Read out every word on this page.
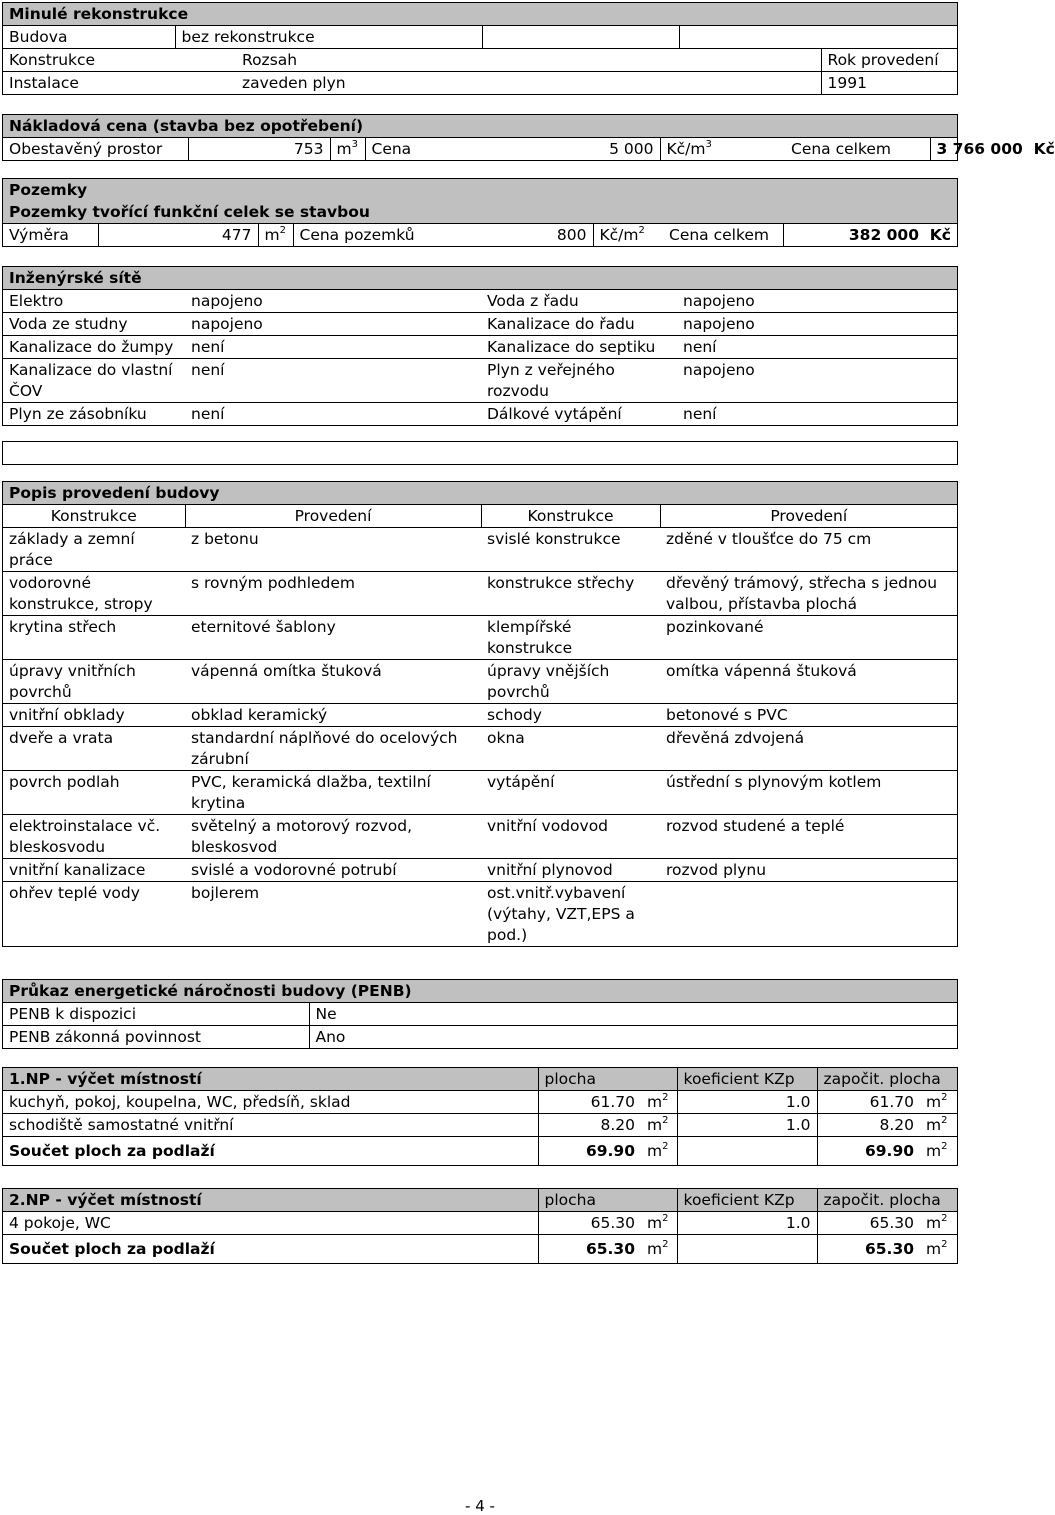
Minulé rekonstrukce					
Budova	bez rekonstrukce				
Konstrukce		Rozsah			Rok provedení
Instalace		zaveden plyn			1991
Nákladová cena (stavba bez opotřebení)
Obestavěný prostor	753	$m^3$	Cena	5 000	$Kč/m^3$	Cena celkem	3 766 000 Kč
Pozemky
Pozemky tvořící funkční celek se stavbou
Výměra	477	$m^2$	Cena pozemků	800	$Kč/m^2$	Cena celkem	382 000 Kč
Inženýrské sítě			
Elektro	napojeno	Voda z řadu	napojeno
Voda ze studny	napojeno	Kanalizace do řadu	napojeno
Kanalizace do žumpy	není	Kanalizace do septiku	není
Kanalizace do vlastní ČOV	není	Plyn z veřejného rozvodu	napojeno
Plyn ze zásobníku	není	Dálkové vytápění	není
Popis provedení budovy			
Konstrukce	Provedení	Konstrukce	Provedení
základy a zemní práce	z betonu	svislé konstrukce	zděné v tloušťce do 75 cm
vodorovné konstrukce, stropy	s rovným podhledem	konstrukce střechy	dřevěný trámový, střecha s jednou valbou, přístavba plochá
krytina střech	eternitové šablony	klempířské konstrukce	pozinkované
úpravy vnitřních povrchů	vápenná omítka štuková	úpravy vnějších povrchů	omítka vápenná štuková
vnitřní obklady	obklad keramický	schody	betonové s PVC
dveře a vrata	standardní náplňové do ocelových zárubní	okna	dřevěná zdvojená
povrch podlah	PVC, keramická dlažba, textilní krytina	vytápění	ústřední s plynovým kotlem
elektroinstalace vč. bleskosvodu	světelný a motorový rozvod, bleskosvod	vnitřní vodovod	rozvod studené a teplé
vnitřní kanalizace	svislé a vodorovné potrubí	vnitřní plynovod	rozvod plynu
ohřev teplé vody	bojlerem	ost.vnitř.vybavení (výtahy, VZT,EPS a pod.)	
Průkaz energetické náročnosti budovy (PENB)	
PENB k dispozici	Ne
PENB zákonná povinnost	Ano
1.NP - výčet místností	plocha		koeficient KZp	započit. plocha	
kuchyň, pokoj, koupelna, WC, předsíň, sklad	61.70	$m^2$	1.0	61.70	$m^2$
schodiště samostatné vnitřní	8.20	$m^2$	1.0	8.20	$m^2$
Součet ploch za podlaží	69.90	$m^2$		69.90	$m^2$
2.NP - výčet místností	plocha		koeficient KZp	započit. plocha	
4 pokoje, WC	65.30	$m^2$	1.0	65.30	$m^2$
Součet ploch za podlaží	65.30	$m^2$		65.30	$m^2$
- 4 -
